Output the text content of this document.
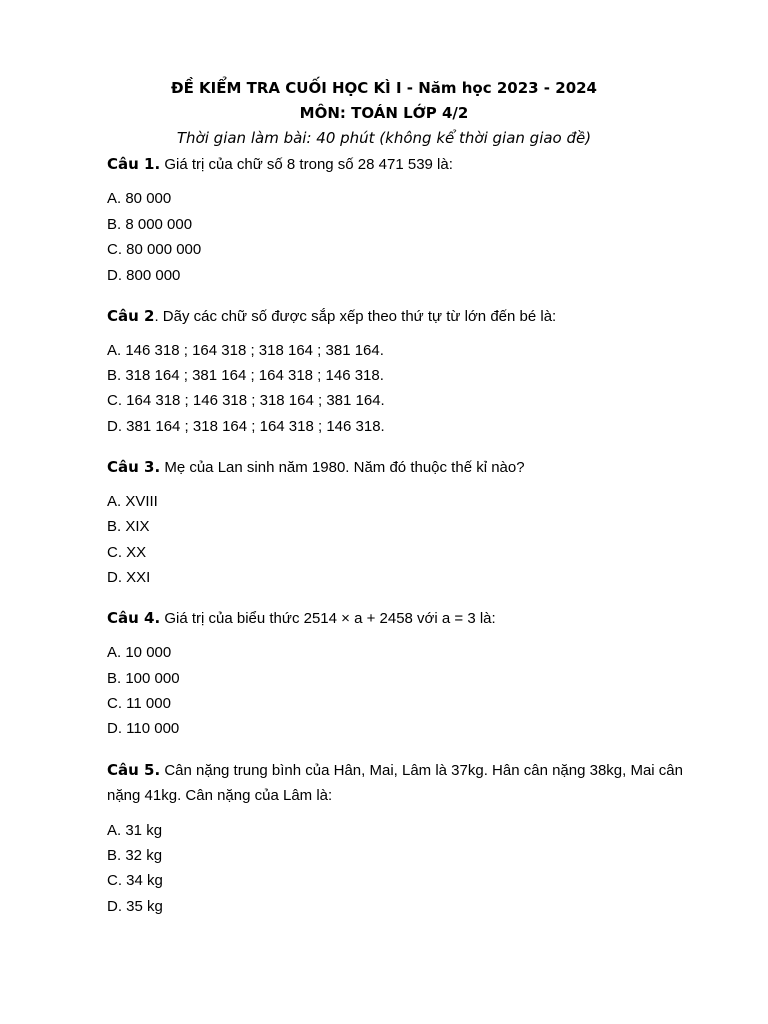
ĐỀ KIỂM TRA CUỐI HỌC KÌ I - Năm học 2023 - 2024
MÔN: TOÁN LỚP 4/2
Thời gian làm bài: 40 phút (không kể thời gian giao đề)
Câu 1. Giá trị của chữ số 8 trong số 28 471 539 là:
A. 80 000
B. 8 000 000
C. 80 000 000
D. 800 000
Câu 2. Dãy các chữ số được sắp xếp theo thứ tự từ lớn đến bé là:
A. 146 318 ; 164 318 ; 318 164 ; 381 164.
B. 318 164 ; 381 164 ; 164 318 ; 146 318.
C. 164 318 ; 146 318 ; 318 164 ; 381 164.
D. 381 164 ; 318 164 ; 164 318 ; 146 318.
Câu 3. Mẹ của Lan sinh năm 1980. Năm đó thuộc thế kỉ nào?
A. XVIII
B. XIX
C. XX
D. XXI
Câu 4. Giá trị của biểu thức 2514 × a + 2458 với a = 3 là:
A. 10 000
B. 100 000
C. 11 000
D. 110 000
Câu 5. Cân nặng trung bình của Hân, Mai, Lâm là 37kg. Hân cân nặng 38kg, Mai cân nặng 41kg. Cân nặng của Lâm là:
A. 31 kg
B. 32 kg
C. 34 kg
D. 35 kg
